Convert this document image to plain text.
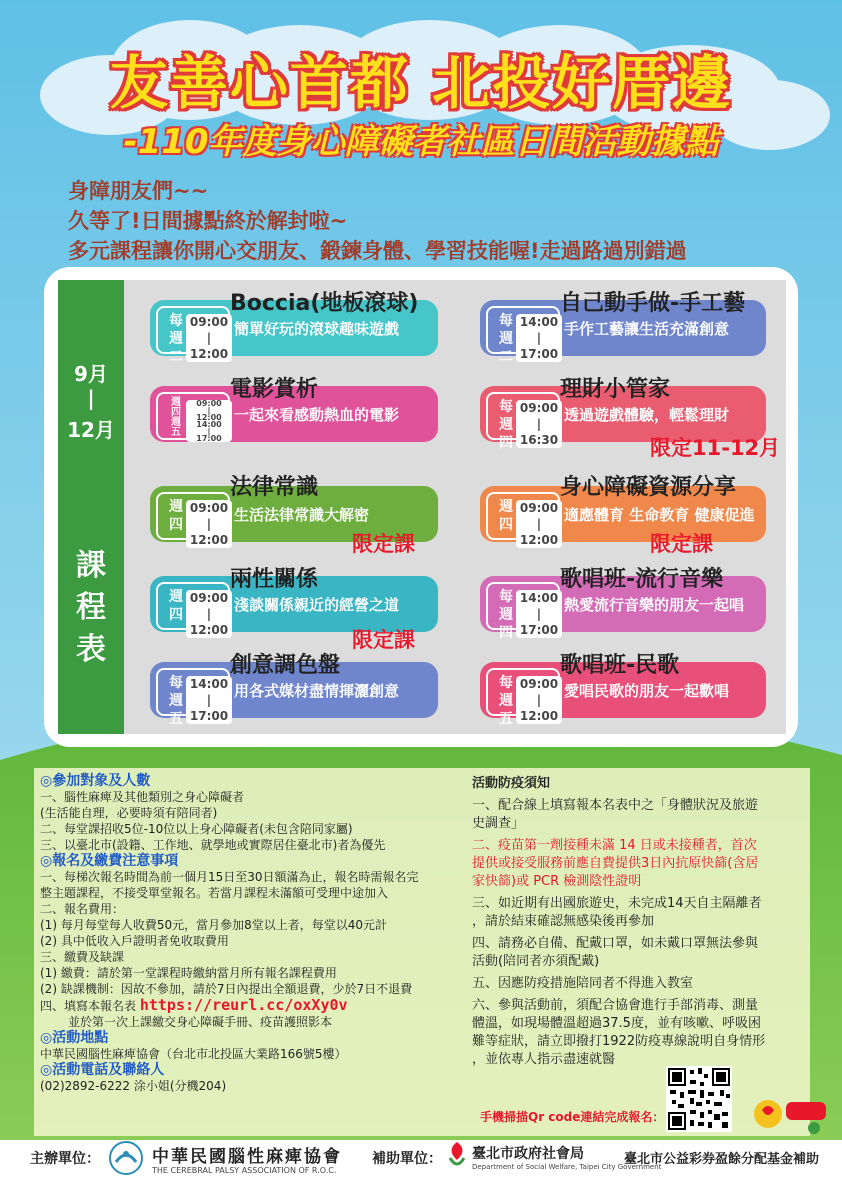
友善心首都 北投好厝邊
-110年度身心障礙者社區日間活動據點
身障朋友們~~
久等了!日間據點終於解封啦~
多元課程讓你開心交朋友、鍛鍊身體、學習技能喔!走過路過別錯過
9月
|
12月
課
程
表
每
週
二
09:00
|
12:00
簡單好玩的滾球趣味遊戲
Boccia(地板滾球)
週
四
週
五
09:00
|
12:00
14:00
|
17:00
一起來看感動熱血的電影
電影賞析
週
四
09:00
|
12:00
生活法律常識大解密
法律常識
限定課
週
四
09:00
|
12:00
淺談關係親近的經營之道
兩性關係
限定課
每
週
五
14:00
|
17:00
用各式媒材盡情揮灑創意
創意調色盤
每
週
二
14:00
|
17:00
手作工藝讓生活充滿創意
自己動手做-手工藝
每
週
四
09:00
|
16:30
透過遊戲體驗，輕鬆理財
理財小管家
限定11-12月
週
四
09:00
|
12:00
適應體育 生命教育 健康促進
身心障礙資源分享
限定課
每
週
四
14:00
|
17:00
熱愛流行音樂的朋友一起唱
歌唱班-流行音樂
每
週
五
09:00
|
12:00
愛唱民歌的朋友一起歡唱
歌唱班-民歌
◎參加對象及人數
一、腦性麻痺及其他類別之身心障礙者
(生活能自理，必要時須有陪同者)
二、每堂課招收5位-10位以上身心障礙者(未包含陪同家屬)
三、以臺北市(設籍、工作地、就學地或實際居住臺北市)者為優先
◎報名及繳費注意事項
一、每梯次報名時間為前一個月15日至30日額滿為止，報名時需報名完
整主題課程，不接受單堂報名。若當月課程未滿額可受理中途加入
二、報名費用：
(1) 每月每堂每人收費50元，當月參加8堂以上者，每堂以40元計
(2) 具中低收入戶證明者免收取費用
三、繳費及缺課
(1) 繳費：請於第一堂課程時繳納當月所有報名課程費用
(2) 缺課機制：因故不參加，請於7日內提出全額退費，少於7日不退費
四、填寫本報名表 https://reurl.cc/oxXy0v
並於第一次上課繳交身心障礙手冊、疫苗護照影本
◎活動地點
中華民國腦性麻痺協會（台北市北投區大業路166號5樓）
◎活動電話及聯絡人
(02)2892-6222 涂小姐(分機204)
活動防疫須知
一、配合線上填寫報本名表中之「身體狀況及旅遊
史調查」
二、疫苗第一劑接種未滿 14 日或未接種者，首次
提供或接受服務前應自費提供3日內抗原快篩(含居
家快篩)或 PCR 檢測陰性證明
三、如近期有出國旅遊史，未完成14天自主隔離者
，請於結束確認無感染後再參加
四、請務必自備、配戴口罩，如未戴口罩無法參與
活動(陪同者亦須配戴)
五、因應防疫措施陪同者不得進入教室
六、參與活動前，須配合協會進行手部消毒、測量
體溫，如現場體溫超過37.5度，並有咳嗽、呼吸困
難等症狀，請立即撥打1922防疫專線說明自身情形
，並依專人指示盡速就醫
手機掃描Qr code連結完成報名：
主辦單位：	中華民國腦性麻痺協會
THE CEREBRAL PALSY ASSOCIATION OF R.O.C.
補助單位： 臺北市政府社會局
Department of Social Welfare, Taipei City Government
臺北市公益彩券盈餘分配基金補助
